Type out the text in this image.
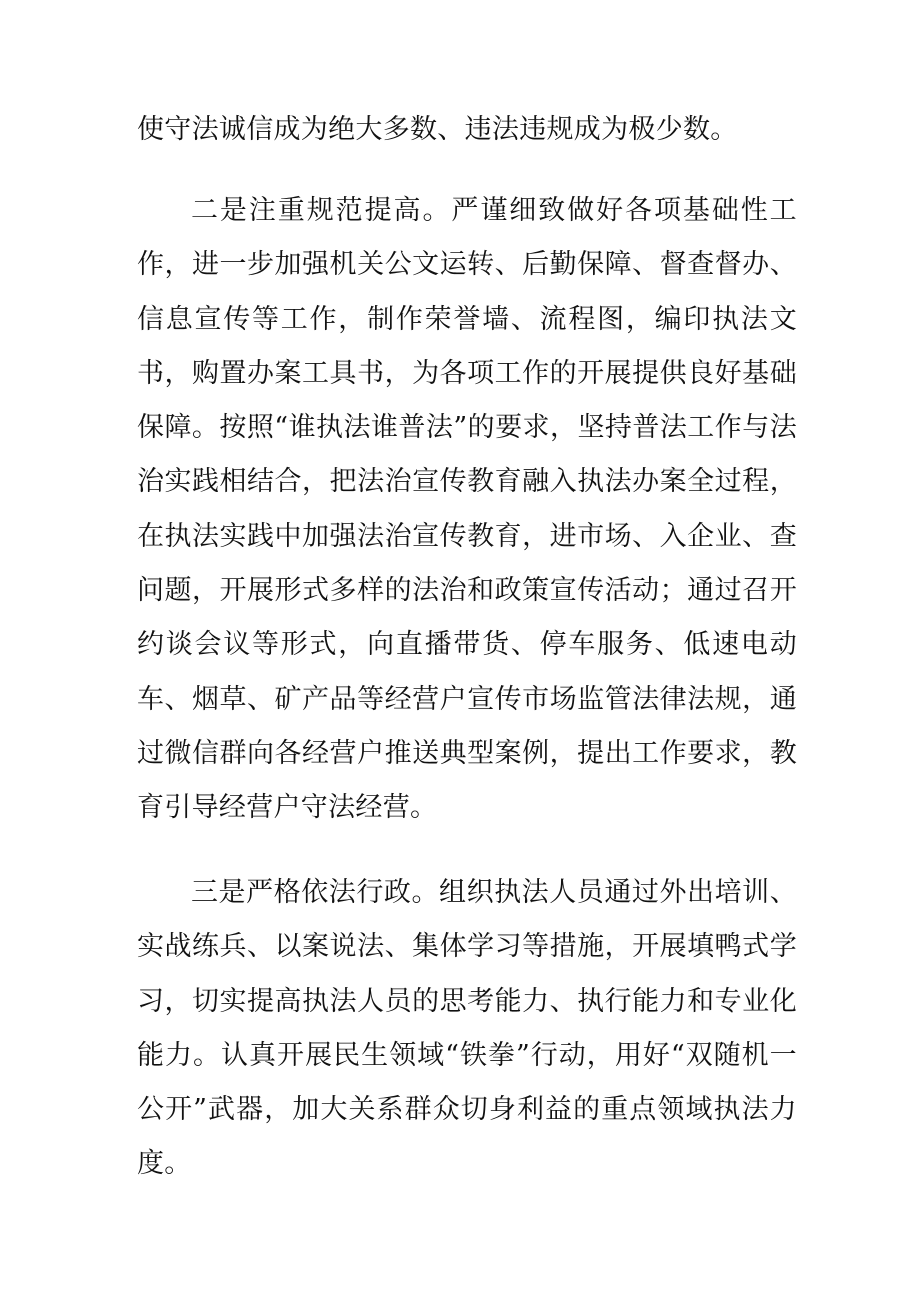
使守法诚信成为绝大多数、违法违规成为极少数。

二是注重规范提高。严谨细致做好各项基础性工作，进一步加强机关公文运转、后勤保障、督查督办、信息宣传等工作，制作荣誉墙、流程图，编印执法文书，购置办案工具书，为各项工作的开展提供良好基础保障。按照“谁执法谁普法”的要求，坚持普法工作与法治实践相结合，把法治宣传教育融入执法办案全过程，在执法实践中加强法治宣传教育，进市场、入企业、查问题，开展形式多样的法治和政策宣传活动；通过召开约谈会议等形式，向直播带货、停车服务、低速电动车、烟草、矿产品等经营户宣传市场监管法律法规，通过微信群向各经营户推送典型案例，提出工作要求，教育引导经营户守法经营。

三是严格依法行政。组织执法人员通过外出培训、实战练兵、以案说法、集体学习等措施，开展填鸭式学习，切实提高执法人员的思考能力、执行能力和专业化能力。认真开展民生领域“铁拳”行动，用好“双随机一公开”武器，加大关系群众切身利益的重点领域执法力度。
